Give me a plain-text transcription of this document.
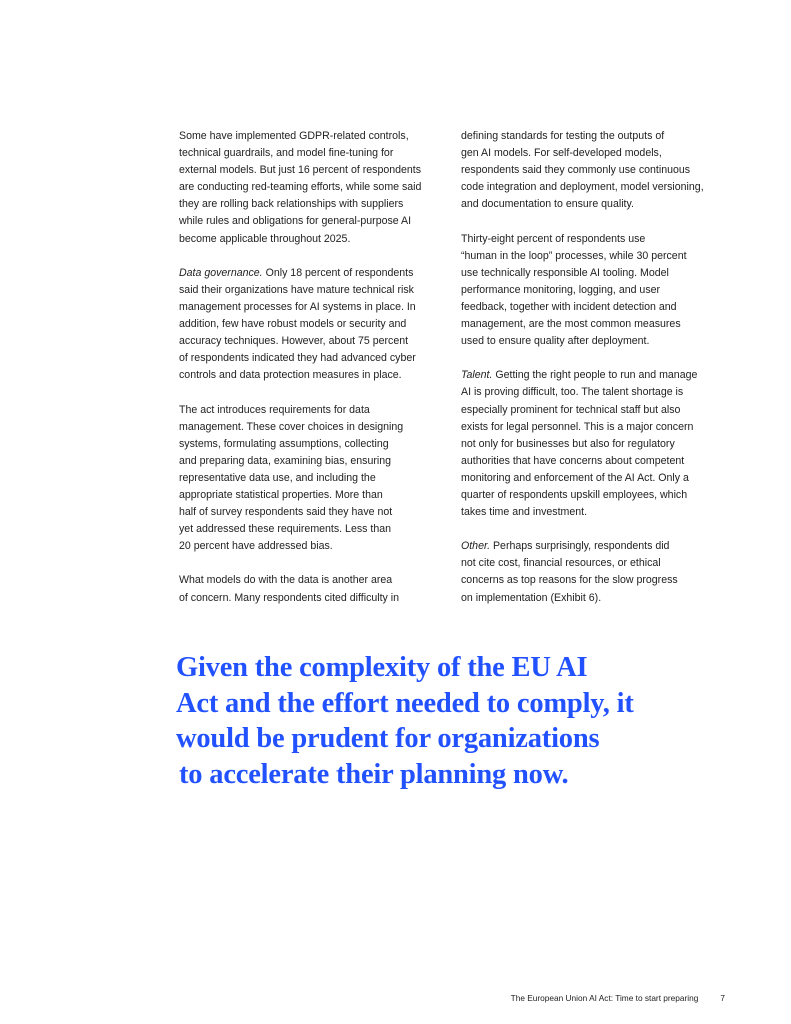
Some have implemented GDPR-related controls,
technical guardrails, and model fine-tuning for
external models. But just 16 percent of respondents
are conducting red-teaming efforts, while some said
they are rolling back relationships with suppliers
while rules and obligations for general-purpose AI
become applicable throughout 2025.

Data governance. Only 18 percent of respondents
said their organizations have mature technical risk
management processes for AI systems in place. In
addition, few have robust models or security and
accuracy techniques. However, about 75 percent
of respondents indicated they had advanced cyber
controls and data protection measures in place.

The act introduces requirements for data
management. These cover choices in designing
systems, formulating assumptions, collecting
and preparing data, examining bias, ensuring
representative data use, and including the
appropriate statistical properties. More than
half of survey respondents said they have not
yet addressed these requirements. Less than
20 percent have addressed bias.

What models do with the data is another area
of concern. Many respondents cited difficulty in

defining standards for testing the outputs of
gen AI models. For self-developed models,
respondents said they commonly use continuous
code integration and deployment, model versioning,
and documentation to ensure quality.

Thirty-eight percent of respondents use
“human in the loop” processes, while 30 percent
use technically responsible AI tooling. Model
performance monitoring, logging, and user
feedback, together with incident detection and
management, are the most common measures
used to ensure quality after deployment.

Talent. Getting the right people to run and manage
AI is proving difficult, too. The talent shortage is
especially prominent for technical staff but also
exists for legal personnel. This is a major concern
not only for businesses but also for regulatory
authorities that have concerns about competent
monitoring and enforcement of the AI Act. Only a
quarter of respondents upskill employees, which
takes time and investment.

Other. Perhaps surprisingly, respondents did
not cite cost, financial resources, or ethical
concerns as top reasons for the slow progress
on implementation (Exhibit 6).

Given the complexity of the EU AI
Act and the effort needed to comply, it
would be prudent for organizations
to accelerate their planning now.
The European Union AI Act: Time to start preparing	7
